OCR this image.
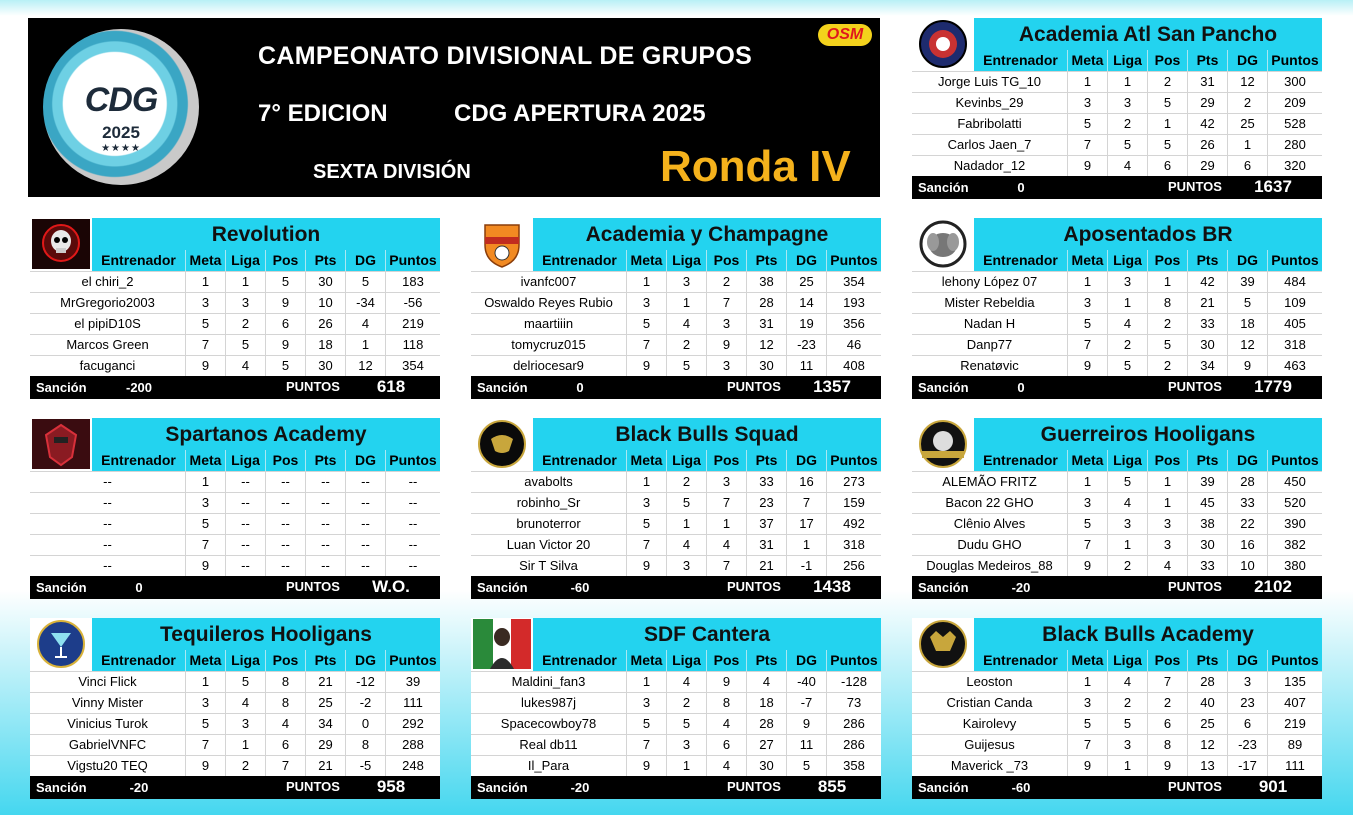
CDG
2025
★★★★
CAMPEONATO DIVISIONAL DE GRUPOS
7° EDICION	CDG APERTURA 2025
SEXTA DIVISIÓN	Ronda IV
OSM	Academia Atl San Pancho
Entrenador Meta Liga Pos	Pts	DG Puntos
Jorge Luis TG_10	1	1	2	31	12	300
Kevinbs_29	3	3	5	29	2	209
Fabribolatti	5	2	1	42	25	528
Carlos Jaen_7	7	5	5	26	1	280
Nadador_12	9	4	6	29	6	320
Sanción	0	PUNTOS	1637
Revolution
Entrenador Meta Liga Pos	Pts	DG Puntos
el chiri_2	1	1	5	30	5	183
MrGregorio2003	3	3	9	10	-34	-56
el pipiD10S	5	2	6	26	4	219
Marcos Green	7	5	9	18	1	118
facuganci	9	4	5	30	12	354
Sanción	-200	PUNTOS	618
Academia y Champagne
Entrenador Meta Liga Pos	Pts	DG Puntos
ivanfc007	1	3	2	38	25	354
Oswaldo Reyes Rubio	3	1	7	28	14	193
maartiiin	5	4	3	31	19	356
tomycruz015	7	2	9	12	-23	46
delriocesar9	9	5	3	30	11	408
Sanción	0	PUNTOS	1357
Aposentados BR
Entrenador Meta Liga Pos	Pts	DG Puntos
lehony López 07	1	3	1	42	39	484
Mister Rebeldia	3	1	8	21	5	109
Nadan H	5	4	2	33	18	405
Danp77	7	2	5	30	12	318
Renatøvic	9	5	2	34	9	463
Sanción	0	PUNTOS	1779
Spartanos Academy
Entrenador Meta Liga Pos	Pts	DG Puntos
--	1	--	--	--	--	--
--	3	--	--	--	--	--
--	5	--	--	--	--	--
--	7	--	--	--	--	--
--	9	--	--	--	--	--
Sanción	0	PUNTOS	W.O.
Black Bulls Squad
Entrenador Meta Liga Pos	Pts	DG Puntos
avabolts	1	2	3	33	16	273
robinho_Sr	3	5	7	23	7	159
brunoterror	5	1	1	37	17	492
Luan Victor 20	7	4	4	31	1	318
Sir T Silva	9	3	7	21	-1	256
Sanción	-60	PUNTOS	1438
Guerreiros Hooligans
Entrenador Meta Liga Pos	Pts	DG Puntos
ALEMÃO FRITZ	1	5	1	39	28	450
Bacon 22 GHO	3	4	1	45	33	520
Clênio Alves	5	3	3	38	22	390
Dudu GHO	7	1	3	30	16	382
Douglas Medeiros_88	9	2	4	33	10	380
Sanción	-20	PUNTOS	2102
Tequileros Hooligans
Entrenador Meta Liga Pos	Pts	DG Puntos
Vinci Flick	1	5	8	21	-12	39
Vinny Mister	3	4	8	25	-2	111
Vinicius Turok	5	3	4	34	0	292
GabrielVNFC	7	1	6	29	8	288
Vigstu20 TEQ	9	2	7	21	-5	248
Sanción	-20	PUNTOS	958
SDF Cantera
Entrenador Meta Liga Pos	Pts	DG Puntos
Maldini_fan3	1	4	9	4	-40	-128
lukes987j	3	2	8	18	-7	73
Spacecowboy78	5	5	4	28	9	286
Real db11	7	3	6	27	11	286
Il_Para	9	1	4	30	5	358
Sanción	-20	PUNTOS	855
Black Bulls Academy
Entrenador Meta Liga Pos	Pts	DG Puntos
Leoston	1	4	7	28	3	135
Cristian Canda	3	2	2	40	23	407
Kairolevy	5	5	6	25	6	219
Guijesus	7	3	8	12	-23	89
Maverick _73	9	1	9	13	-17	111
Sanción	-60	PUNTOS	901
